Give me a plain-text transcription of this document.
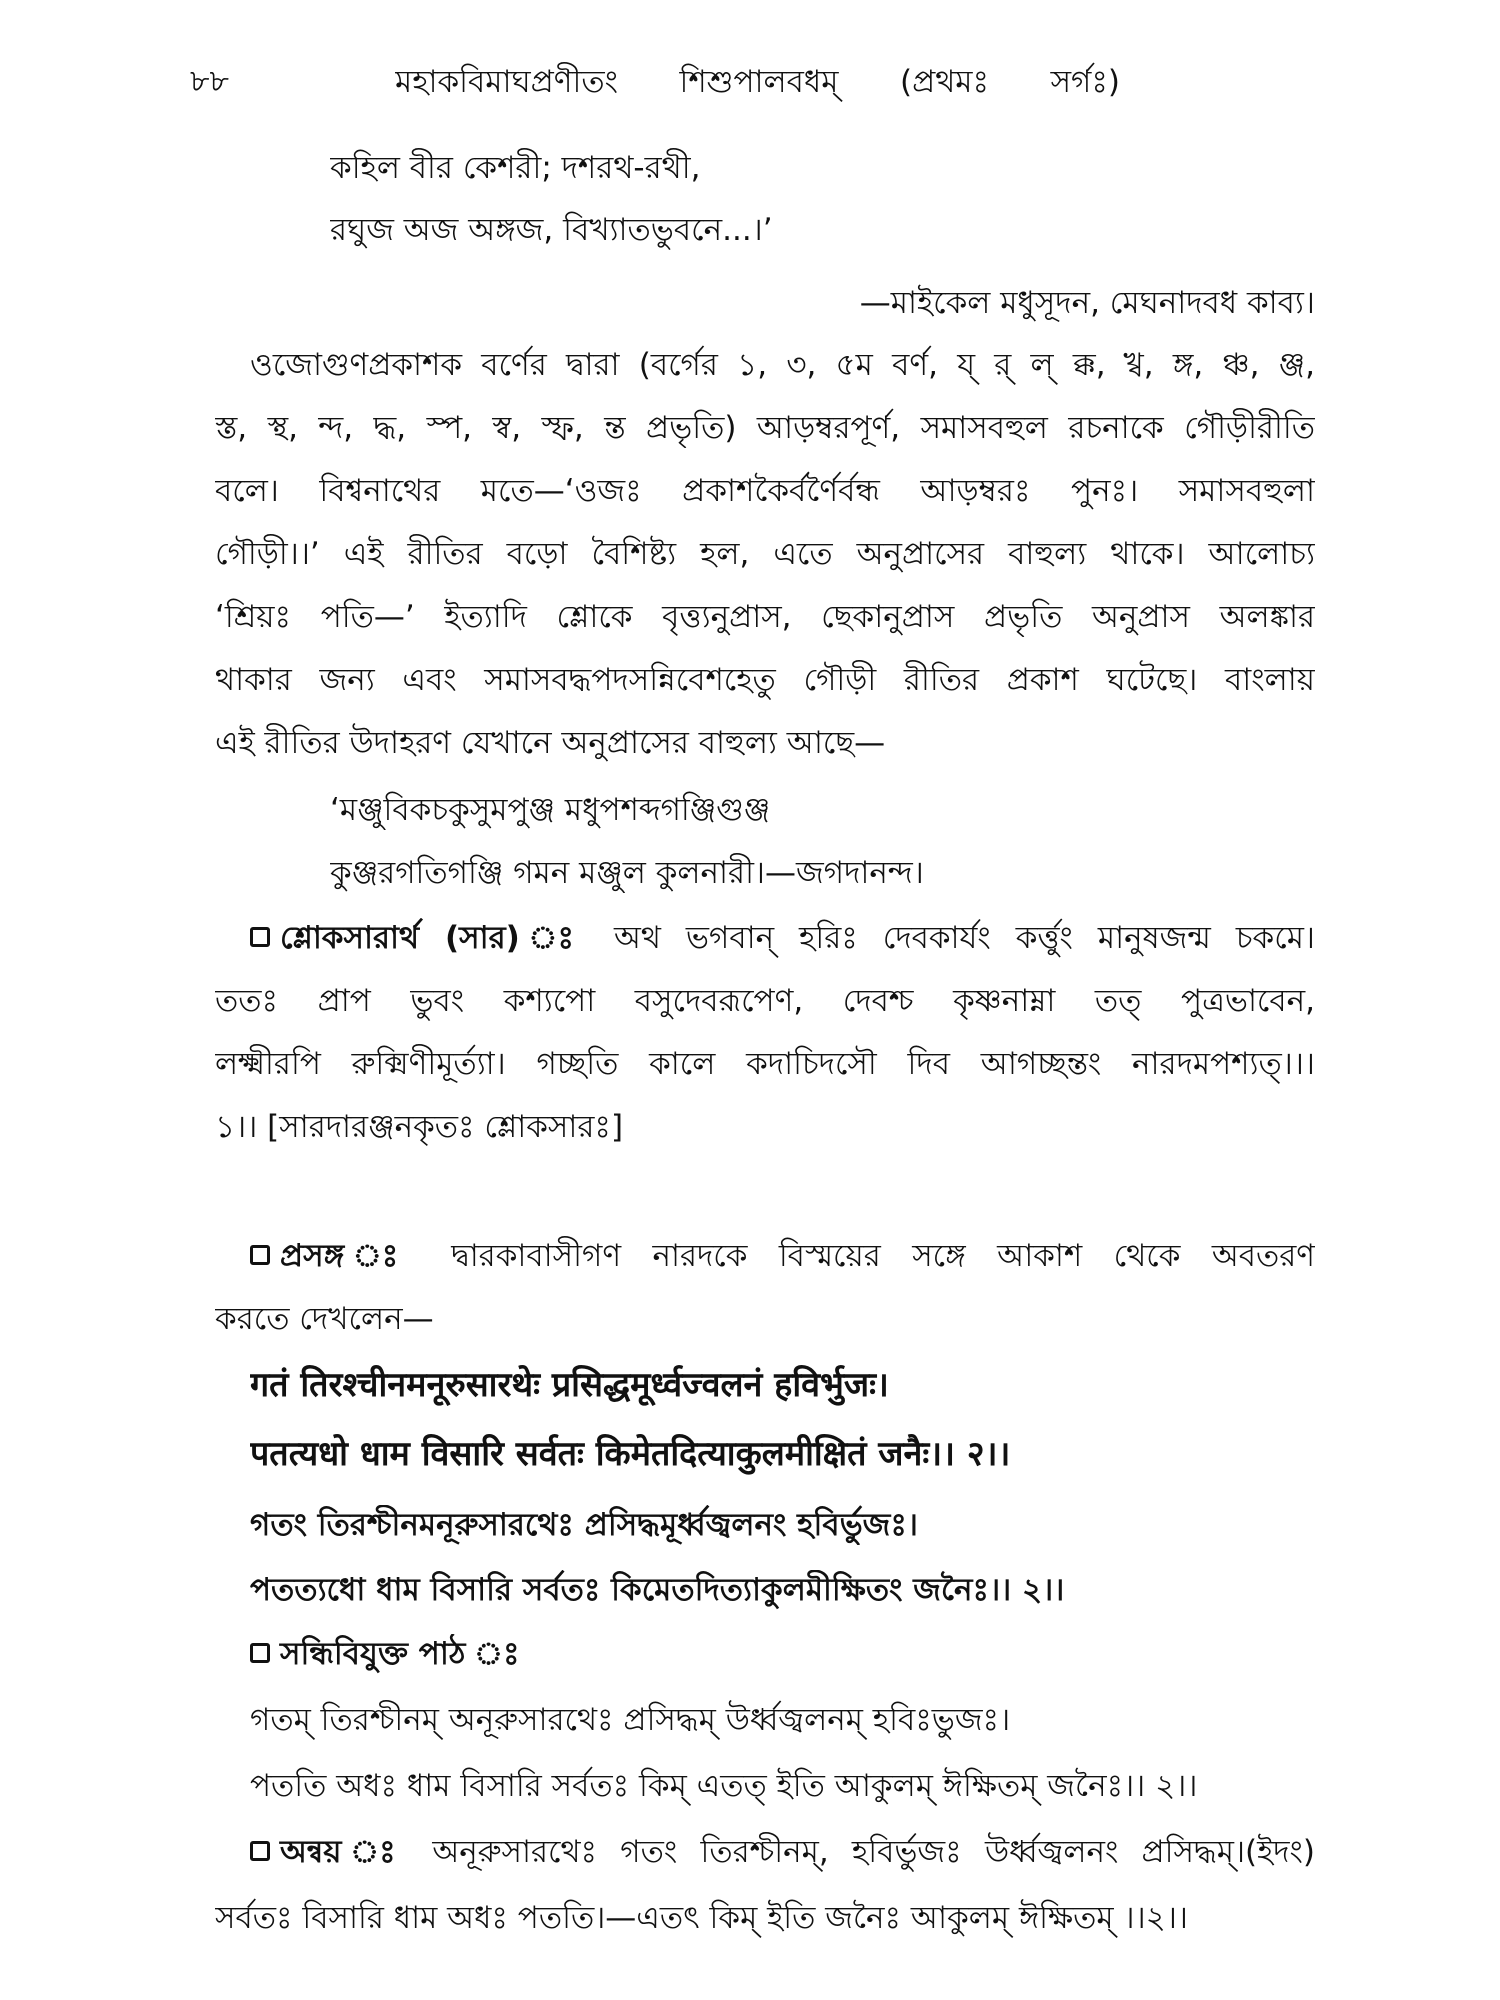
৮৮	মহাকবিমাঘপ্রণীতং শিশুপালবধম্ (প্রথমঃ সর্গঃ)
কহিল বীর কেশরী; দশরথ-রথী,
রঘুজ অজ অঙ্গজ, বিখ্যাতভুবনে...।’
—মাইকেল মধুসূদন, মেঘনাদবধ কাব্য।
ওজোগুণপ্রকাশক বর্ণের দ্বারা (বর্গের ১, ৩, ৫ম বর্ণ, য্ র্ ল্ ক্ক, খ্ব, ঙ্গ, ঞ্চ, ঞ্জ,
স্ত, স্থ, ন্দ, দ্ধ, স্প, স্ব, স্ফ, ন্ত প্রভৃতি) আড়ম্বরপূর্ণ, সমাসবহুল রচনাকে গৌড়ীরীতি
বলে। বিশ্বনাথের মতে—‘ওজঃ প্রকাশকৈর্বর্ণৈর্বন্ধ আড়ম্বরঃ পুনঃ। সমাসবহুলা
গৌড়ী।।’ এই রীতির বড়ো বৈশিষ্ট্য হল, এতে অনুপ্রাসের বাহুল্য থাকে। আলোচ্য
‘শ্রিয়ঃ পতি—’ ইত্যাদি শ্লোকে বৃত্ত্যনুপ্রাস, ছেকানুপ্রাস প্রভৃতি অনুপ্রাস অলঙ্কার
থাকার জন্য এবং সমাসবদ্ধপদসন্নিবেশহেতু গৌড়ী রীতির প্রকাশ ঘটেছে। বাংলায়
এই রীতির উদাহরণ যেখানে অনুপ্রাসের বাহুল্য আছে—
‘মঞ্জুবিকচকুসুমপুঞ্জ মধুপশব্দগঞ্জিগুঞ্জ
কুঞ্জরগতিগঞ্জি গমন মঞ্জুল কুলনারী।—জগদানন্দ।
শ্লোকসারার্থ (সার) ঃ অথ ভগবান্ হরিঃ দেবকার্যং কর্ত্তুং মানুষজন্ম চকমে।
ততঃ প্রাপ ভুবং কশ্যপো বসুদেবরূপেণ, দেবশ্চ কৃষ্ণনাম্না তত্ পুত্রভাবেন,
লক্ষ্মীরপি রুক্মিণীমূর্ত্যা। গচ্ছতি কালে কদাচিদসৌ দিব আগচ্ছন্তং নারদমপশ্যত্।।।
১।। [সারদারঞ্জনকৃতঃ শ্লোকসারঃ]
প্রসঙ্গ ঃ দ্বারকাবাসীগণ নারদকে বিস্ময়ের সঙ্গে আকাশ থেকে অবতরণ
করতে দেখলেন—
गतं तिरश्चीनमनूरुसारथेः प्रसिद्धमूर्ध्वज्वलनं हविर्भुजः।
पतत्यधो धाम विसारि सर्वतः किमेतदित्याकुलमीक्षितं जनैः।। २।।
গতং তিরশ্চীনমনূরুসারথেঃ প্রসিদ্ধমূর্ধ্বজ্বলনং হবির্ভুজঃ।
পতত্যধো ধাম বিসারি সর্বতঃ কিমেতদিত্যাকুলমীক্ষিতং জনৈঃ।। ২।।
সন্ধিবিযুক্ত পাঠ ঃ
গতম্ তিরশ্চীনম্ অনূরুসারথেঃ প্রসিদ্ধম্ উর্ধ্বজ্বলনম্ হবিঃভুজঃ।
পততি অধঃ ধাম বিসারি সর্বতঃ কিম্ এতত্ ইতি আকুলম্ ঈক্ষিতম্ জনৈঃ।। ২।।
অন্বয় ঃ অনূরুসারথেঃ গতং তিরশ্চীনম্, হবির্ভুজঃ উর্ধ্বজ্বলনং প্রসিদ্ধম্।(ইদং)
সর্বতঃ বিসারি ধাম অধঃ পততি।—এতৎ কিম্ ইতি জনৈঃ আকুলম্ ঈক্ষিতম্ ।।২।।
